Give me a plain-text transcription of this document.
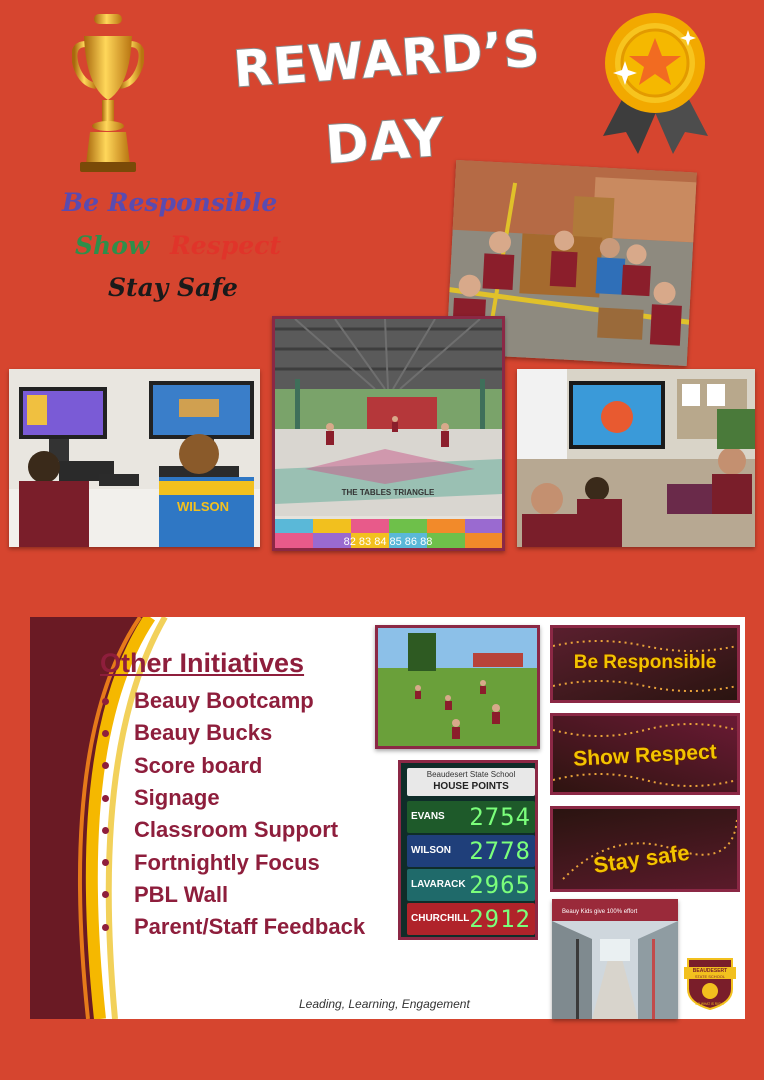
REWARD’S
DAY
Be Responsible
Show Respect
Stay Safe
WILSON
THE TABLES TRIANGLE
82 83 84 85 86 88
Other Initiatives
Beauy Bootcamp
Beauy Bucks
Score board
Signage
Classroom Support
Fortnightly Focus
PBL Wall
Parent/Staff Feedback
Leading, Learning, Engagement
Beaudesert State School
HOUSE POINTS
EVANS 2754
WILSON 2778
LAVARACK 2965
CHURCHILL 2912
Be Responsible
Show Respect
Stay safe
Beauy Kids give 100% effort
BEAUDESERT
STATE SCHOOL
DO WHAT IS RIGHT
